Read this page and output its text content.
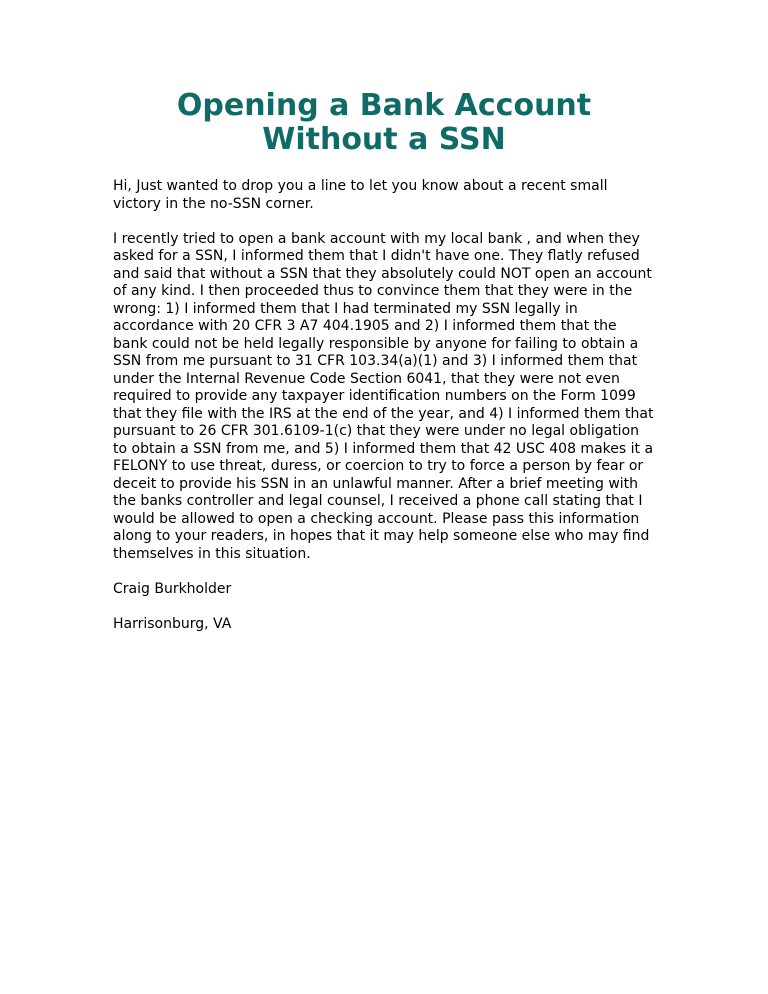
Opening a Bank Account
Without a SSN

Hi, Just wanted to drop you a line to let you know about a recent small victory in the no-SSN corner.

I recently tried to open a bank account with my local bank , and when they asked for a SSN, I informed them that I didn't have one. They flatly refused and said that without a SSN that they absolutely could NOT open an account of any kind. I then proceeded thus to convince them that they were in the wrong: 1) I informed them that I had terminated my SSN legally in accordance with 20 CFR 3 A7 404.1905 and 2) I informed them that the bank could not be held legally responsible by anyone for failing to obtain a SSN from me pursuant to 31 CFR 103.34(a)(1) and 3) I informed them that under the Internal Revenue Code Section 6041, that they were not even required to provide any taxpayer identification numbers on the Form 1099 that they file with the IRS at the end of the year, and 4) I informed them that pursuant to 26 CFR 301.6109-1(c) that they were under no legal obligation to obtain a SSN from me, and 5) I informed them that 42 USC 408 makes it a FELONY to use threat, duress, or coercion to try to force a person by fear or deceit to provide his SSN in an unlawful manner. After a brief meeting with the banks controller and legal counsel, I received a phone call stating that I would be allowed to open a checking account. Please pass this information along to your readers, in hopes that it may help someone else who may find themselves in this situation.

Craig Burkholder

Harrisonburg, VA
